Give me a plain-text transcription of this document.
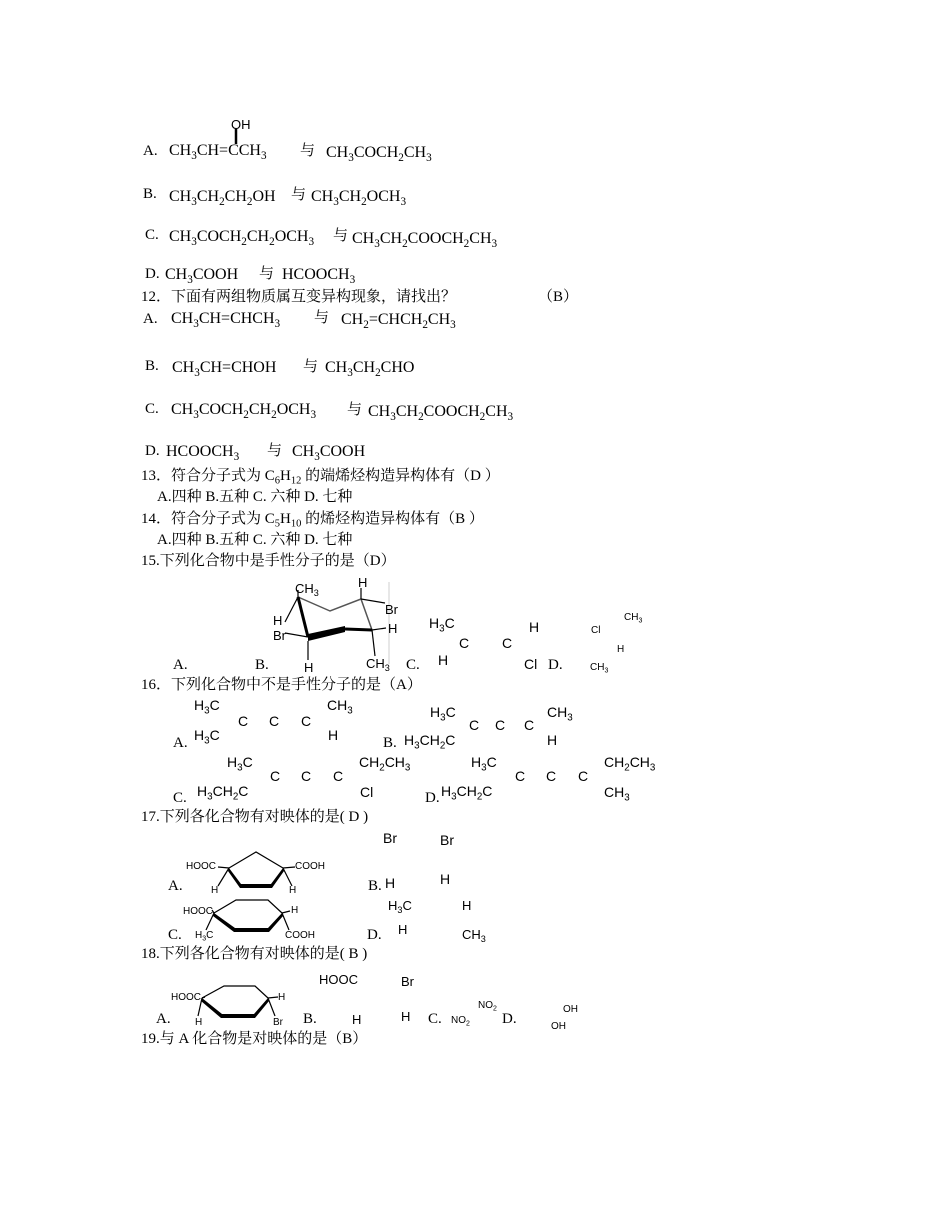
OH
A. $CH_3CH=CCH_3$ 与 $CH_3COCH_2CH_3$
B. $CH_3CH_2CH_2OH$ 与 $CH_3CH_2OCH_3$
C. $CH_3COCH_2CH_2OCH_3$ 与 $CH_3CH_2COOCH_2CH_3$
D. $CH_3COOH$ 与 $HCOOCH_3$
12．下面有两组物质属互变异构现象，请找出？	（B）
A. $CH_3CH=CHCH_3$ 与 $CH_2=CHCH_2CH_3$
B. $CH_3CH=CHOH$ 与 $CH_3CH_2CHO$
C. $CH_3COCH_2CH_2OCH_3$ 与 $CH_3CH_2COOCH_2CH_3$
D. $HCOOCH_3$ 与 $CH_3COOH$
13．符合分子式为 $C_6H_{12}$ 的端烯烃构造异构体有（D ）
A.四种 B.五种 C. 六种 D. 七种
14．符合分子式为 $C_5H_{10}$ 的烯烃构造异构体有（B ）
A.四种 B.五种 C. 六种 D. 七种
15.下列化合物中是手性分子的是（D）
$CH_3$
H
Br
H
Br	H
H	$CH_3$
A.	B.	C.	D.
$H_3C$
C C
H
H	Cl
Cl
$CH_3$
H
$CH_3$
16．下列化合物中不是手性分子的是（A）
$H_3C$	$CH_3$
C C C
$H_3C$	H
A.
$H_3C$	$CH_3$
C C C
$H_3CH_2C$	H
B.
$H_3C$	$CH_2CH_3$
C C C
$H_3CH_2C$	Cl
C.
$H_3C$	$CH_2CH_3$
C C C
$H_3CH_2C$	$CH_3$
D.
17.下列各化合物有对映体的是( D )
HOOC	COOH
H	H
A.
Br	Br
H	H
B.
HOOC	H
$H_3C$	COOH
C.
$H_3C$	H
H	$CH_3$
D.
18.下列各化合物有对映体的是( B )
HOOC	H
H	Br
A.
HOOC	Br
H	H
B.	C.
$NO_2$
$NO_2$ D.
OH
OH
19.与 A 化合物是对映体的是（B）
